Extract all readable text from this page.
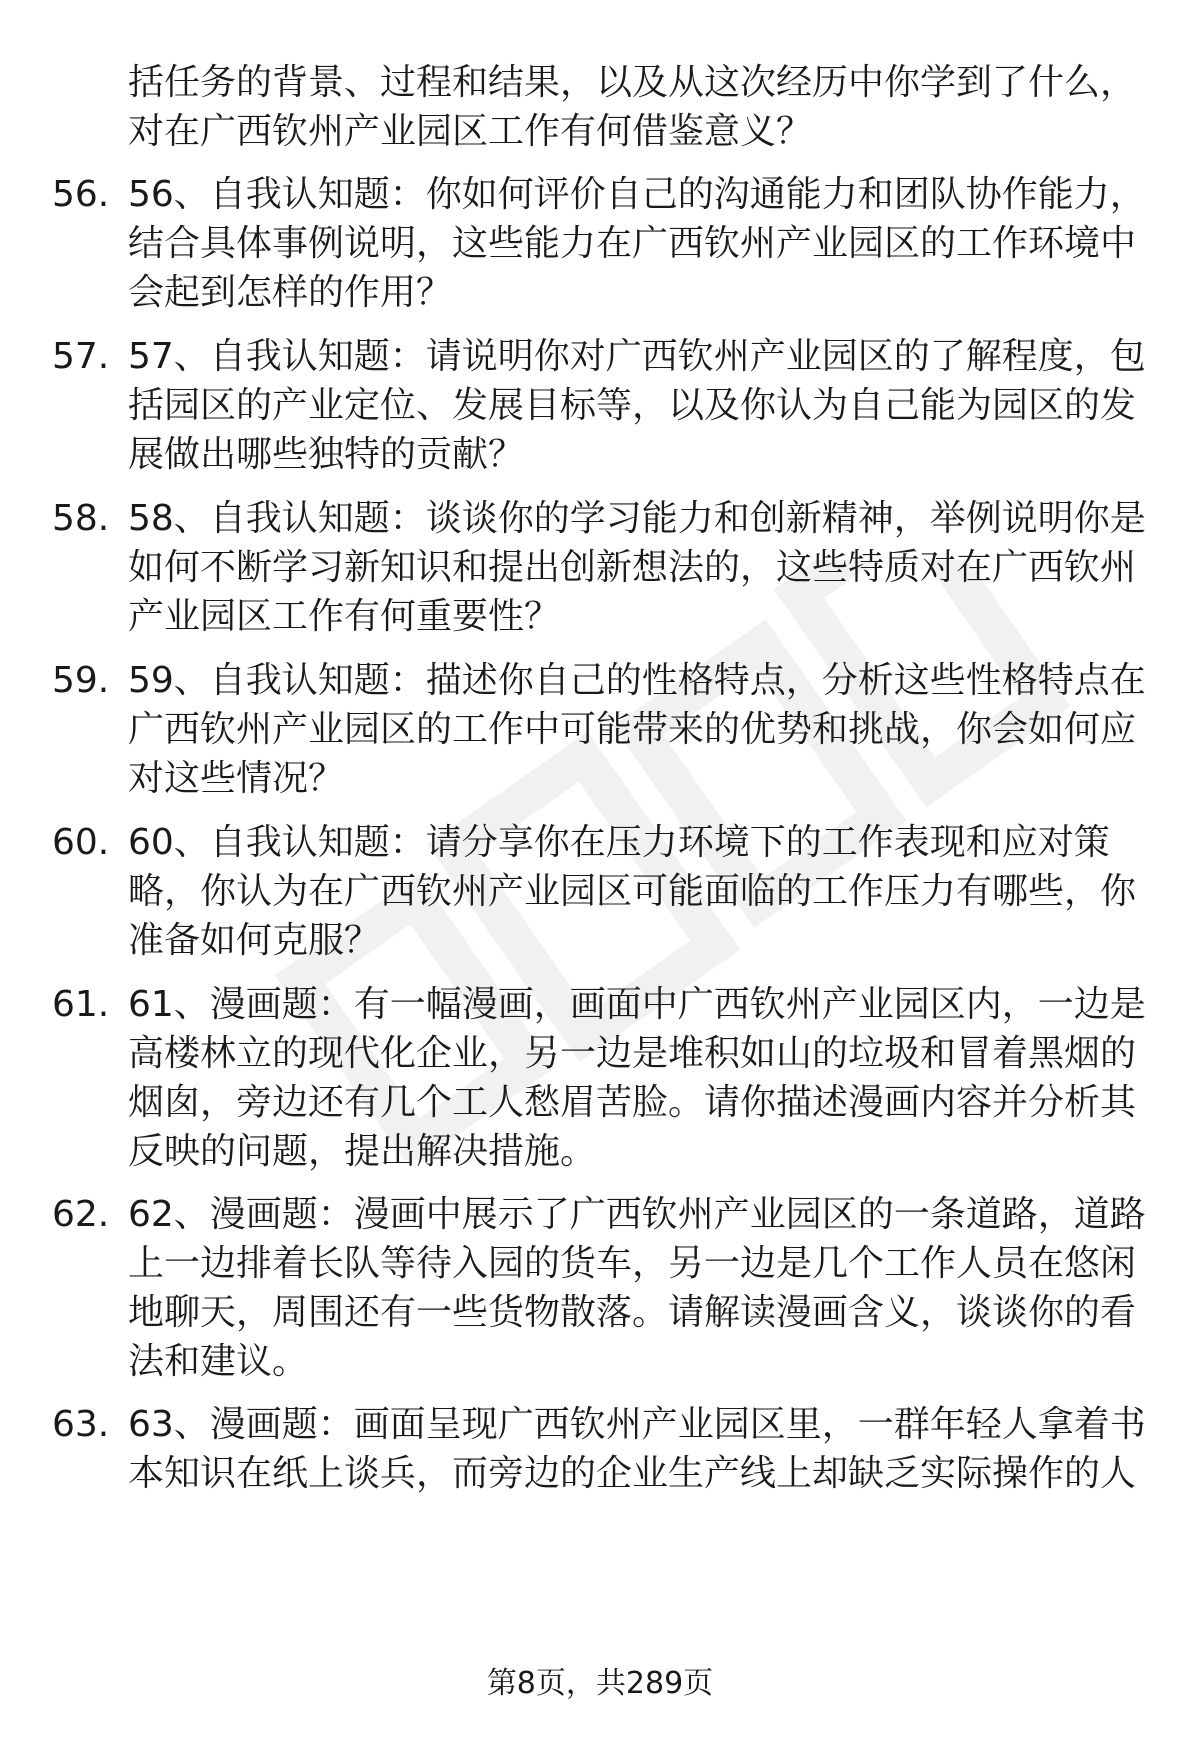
括任务的背景、过程和结果，以及从这次经历中你学到了什么，
对在广西钦州产业园区工作有何借鉴意义？
56. 56、自我认知题：你如何评价自己的沟通能力和团队协作能力，
结合具体事例说明，这些能力在广西钦州产业园区的工作环境中
会起到怎样的作用？
57. 57、自我认知题：请说明你对广西钦州产业园区的了解程度，包
括园区的产业定位、发展目标等，以及你认为自己能为园区的发
展做出哪些独特的贡献？
58. 58、自我认知题：谈谈你的学习能力和创新精神，举例说明你是
如何不断学习新知识和提出创新想法的，这些特质对在广西钦州
产业园区工作有何重要性？
59. 59、自我认知题：描述你自己的性格特点，分析这些性格特点在
广西钦州产业园区的工作中可能带来的优势和挑战，你会如何应
对这些情况？
60. 60、自我认知题：请分享你在压力环境下的工作表现和应对策
略，你认为在广西钦州产业园区可能面临的工作压力有哪些，你
准备如何克服？
61. 61、漫画题：有一幅漫画，画面中广西钦州产业园区内，一边是
高楼林立的现代化企业，另一边是堆积如山的垃圾和冒着黑烟的
烟囱，旁边还有几个工人愁眉苦脸。请你描述漫画内容并分析其
反映的问题，提出解决措施。
62. 62、漫画题：漫画中展示了广西钦州产业园区的一条道路，道路
上一边排着长队等待入园的货车，另一边是几个工作人员在悠闲
地聊天，周围还有一些货物散落。请解读漫画含义，谈谈你的看
法和建议。
63. 63、漫画题：画面呈现广西钦州产业园区里，一群年轻人拿着书
本知识在纸上谈兵，而旁边的企业生产线上却缺乏实际操作的人
第8页，共289页
